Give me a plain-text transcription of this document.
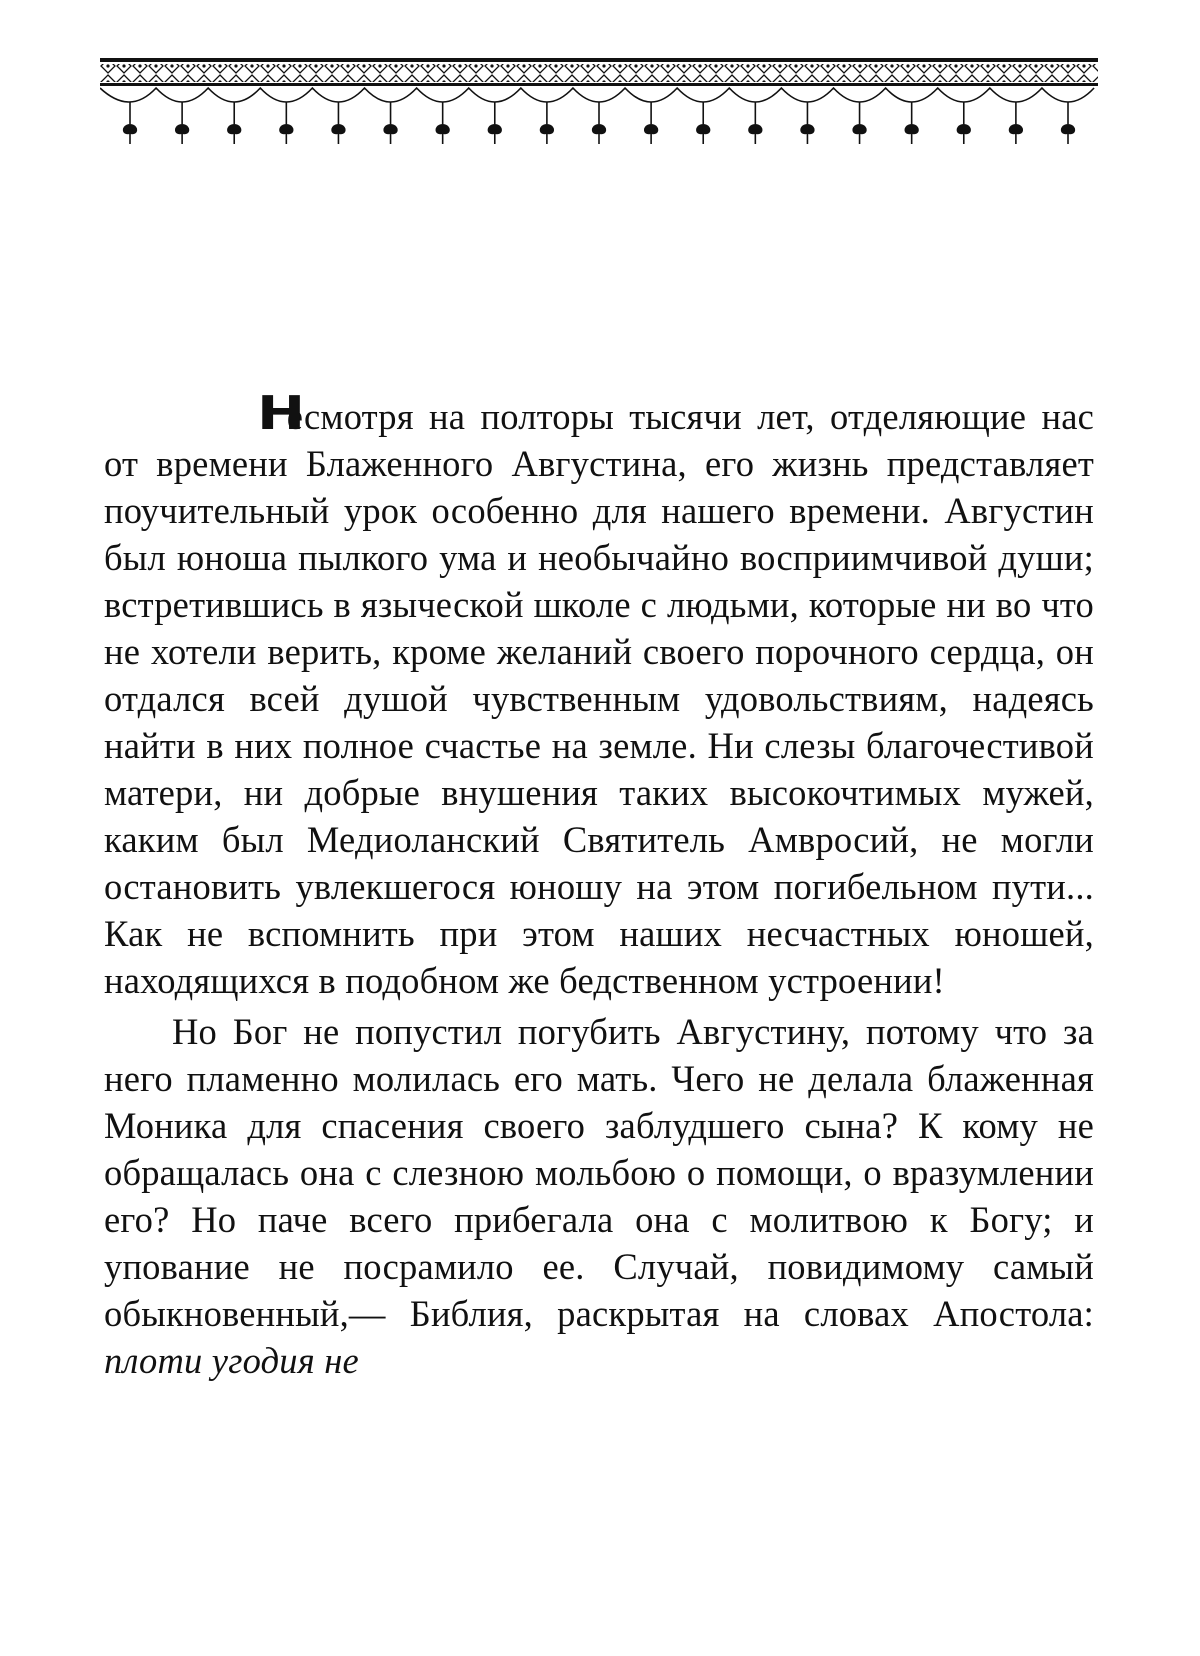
Несмотря на полторы тысячи лет, отделяющие нас от времени Блаженного Августина, его жизнь представляет поучительный урок особенно для нашего времени. Августин был юноша пылкого ума и необычайно восприимчивой души; встретившись в языческой школе с людьми, которые ни во что не хотели верить, кроме желаний своего порочного сердца, он отдался всей душой чувственным удовольствиям, надеясь найти в них полное счастье на земле. Ни слезы благочестивой матери, ни добрые внушения таких высокочтимых мужей, каким был Медиоланский Святитель Амвросий, не могли остановить увлекшегося юношу на этом погибельном пути... Как не вспомнить при этом наших несчастных юношей, находящихся в подобном же бедственном устроении!

Но Бог не попустил погубить Августину, потому что за него пламенно молилась его мать. Чего не делала блаженная Моника для спасения своего заблудшего сына? К кому не обращалась она с слезною мольбою о помощи, о вразумлении его? Но паче всего прибегала она с молитвою к Богу; и упование не посрамило ее. Случай, повидимому самый обыкновенный,— Библия, раскрытая на словах Апостола: плоти угодия не
